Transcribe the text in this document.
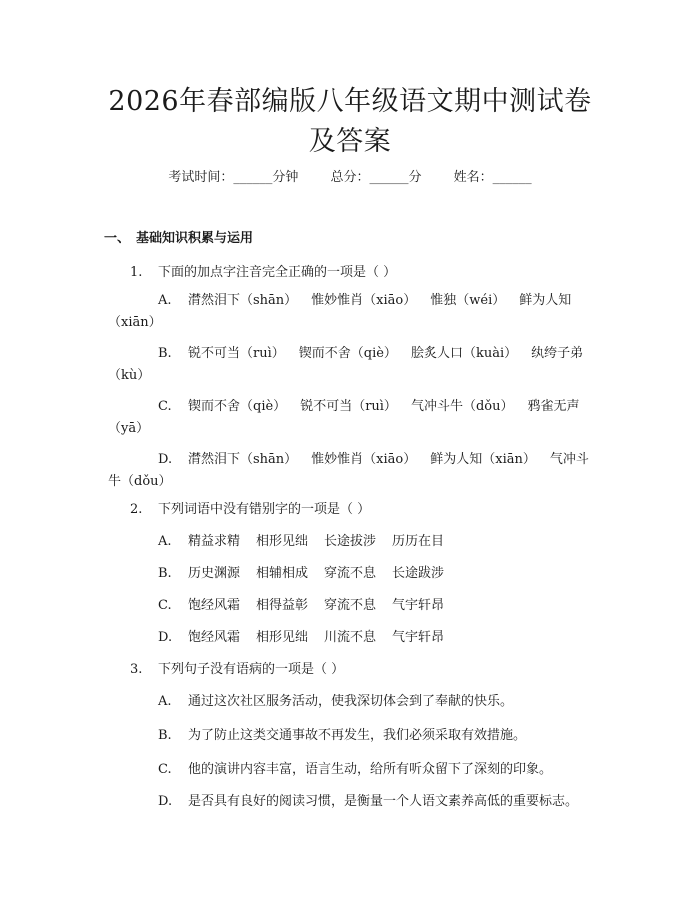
2026年春部编版八年级语文期中测试卷及答案
考试时间：______分钟 总分：______分 姓名：______
一、 基础知识积累与运用
1. 下面的加点字注音完全正确的一项是（ ）
A. 潸然泪下（shān） 惟妙惟肖（xiāo） 惟独（wéi） 鲜为人知
（xiān）
B. 锐不可当（ruì） 锲而不舍（qiè） 脍炙人口（kuài） 纨绔子弟
（kù）
C. 锲而不舍（qiè） 锐不可当（ruì） 气冲斗牛（dǒu） 鸦雀无声
（yā）
D. 潸然泪下（shān） 惟妙惟肖（xiāo） 鲜为人知（xiān） 气冲斗
牛（dǒu）
2. 下列词语中没有错别字的一项是（ ）
A. 精益求精 相形见绌 长途拔涉 历历在目
B. 历史渊源 相辅相成 穿流不息 长途跋涉
C. 饱经风霜 相得益彰 穿流不息 气宇轩昂
D. 饱经风霜 相形见绌 川流不息 气宇轩昂
3. 下列句子没有语病的一项是（ ）
A. 通过这次社区服务活动，使我深切体会到了奉献的快乐。
B. 为了防止这类交通事故不再发生，我们必须采取有效措施。
C. 他的演讲内容丰富，语言生动，给所有听众留下了深刻的印象。
D. 是否具有良好的阅读习惯，是衡量一个人语文素养高低的重要标志。
